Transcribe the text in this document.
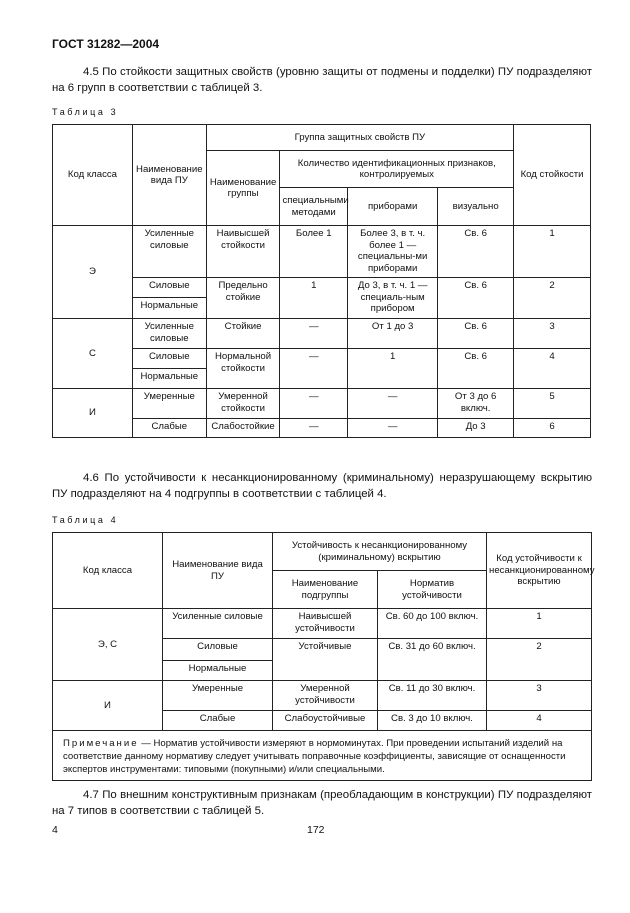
ГОСТ 31282—2004
4.5 По стойкости защитных свойств (уровню защиты от подмены и подделки) ПУ подразделяют на 6 групп в соответствии с таблицей 3.
Таблица 3
Код класса	Наименование вида ПУ	Группа защитных свойств ПУ				Код стойкости
		Наименование группы	Количество идентификационных признаков, контролируемых			
			специальными методами	приборами	визуально	
Э	Усиленные силовые	Наивысшей стойкости	Более 1	Более 3, в т. ч. более 1 — специальны-ми приборами	Св. 6	1
	Силовые	Предельно стойкие	1	До 3, в т. ч. 1 — специаль-ным прибором	Св. 6	2
	Нормальные					
С	Усиленные силовые	Стойкие	—	От 1 до 3	Св. 6	3
	Силовые	Нормальной стойкости	—	1	Св. 6	4
	Нормальные					
И	Умеренные	Умеренной стойкости	—	—	От 3 до 6 включ.	5
	Слабые	Слабостойкие	—	—	До 3	6
4.6 По устойчивости к несанкционированному (криминальному) неразрушающему вскрытию ПУ подразделяют на 4 подгруппы в соответствии с таблицей 4.
Таблица 4
Код класса	Наименование вида ПУ	Устойчивость к несанкционированному (криминальному) вскрытию		Код устойчивости к несанкционированному вскрытию
		Наименование подгруппы	Норматив устойчивости	
Э, С	Усиленные силовые	Наивысшей устойчивости	Св. 60 до 100 включ.	1
	Силовые	Устойчивые	Св. 31 до 60 включ.	2
	Нормальные			
И	Умеренные	Умеренной устойчивости	Св. 11 до 30 включ.	3
	Слабые	Слабоустойчивые	Св. 3 до 10 включ.	4
Примечание — Норматив устойчивости измеряют в нормоминутах. При проведении испытаний изделий на соответствие данному нормативу следует учитывать поправочные коэффициенты, зависящие от оснащенности экспертов инструментами: типовыми (покупными) и/или специальными.				
4.7 По внешним конструктивным признакам (преобладающим в конструкции) ПУ подразделяют на 7 типов в соответствии с таблицей 5.
4	172
